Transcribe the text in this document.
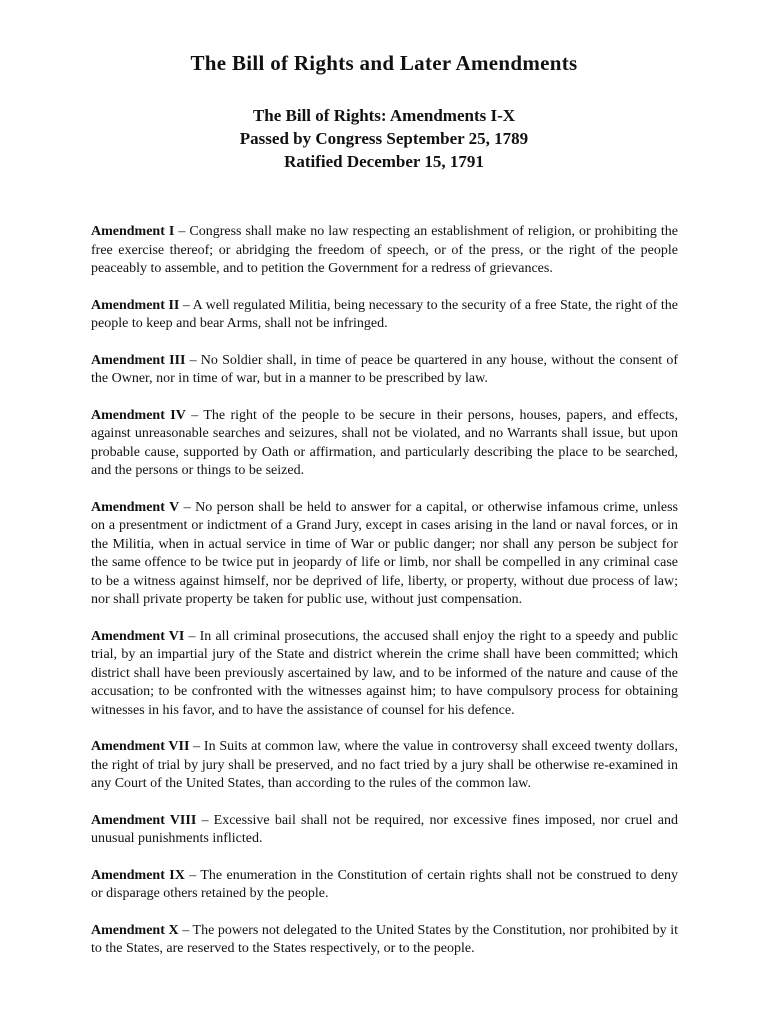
The Bill of Rights and Later Amendments
The Bill of Rights: Amendments I-X
Passed by Congress September 25, 1789
Ratified December 15, 1791

Amendment I – Congress shall make no law respecting an establishment of religion, or prohibiting the free exercise thereof; or abridging the freedom of speech, or of the press, or the right of the people peaceably to assemble, and to petition the Government for a redress of grievances.

Amendment II – A well regulated Militia, being necessary to the security of a free State, the right of the people to keep and bear Arms, shall not be infringed.

Amendment III – No Soldier shall, in time of peace be quartered in any house, without the consent of the Owner, nor in time of war, but in a manner to be prescribed by law.

Amendment IV – The right of the people to be secure in their persons, houses, papers, and effects, against unreasonable searches and seizures, shall not be violated, and no Warrants shall issue, but upon probable cause, supported by Oath or affirmation, and particularly describing the place to be searched, and the persons or things to be seized.

Amendment V – No person shall be held to answer for a capital, or otherwise infamous crime, unless on a presentment or indictment of a Grand Jury, except in cases arising in the land or naval forces, or in the Militia, when in actual service in time of War or public danger; nor shall any person be subject for the same offence to be twice put in jeopardy of life or limb, nor shall be compelled in any criminal case to be a witness against himself, nor be deprived of life, liberty, or property, without due process of law; nor shall private property be taken for public use, without just compensation.

Amendment VI – In all criminal prosecutions, the accused shall enjoy the right to a speedy and public trial, by an impartial jury of the State and district wherein the crime shall have been committed; which district shall have been previously ascertained by law, and to be informed of the nature and cause of the accusation; to be confronted with the witnesses against him; to have compulsory process for obtaining witnesses in his favor, and to have the assistance of counsel for his defence.

Amendment VII – In Suits at common law, where the value in controversy shall exceed twenty dollars, the right of trial by jury shall be preserved, and no fact tried by a jury shall be otherwise re-examined in any Court of the United States, than according to the rules of the common law.

Amendment VIII – Excessive bail shall not be required, nor excessive fines imposed, nor cruel and unusual punishments inflicted.

Amendment IX – The enumeration in the Constitution of certain rights shall not be construed to deny or disparage others retained by the people.

Amendment X – The powers not delegated to the United States by the Constitution, nor prohibited by it to the States, are reserved to the States respectively, or to the people.
